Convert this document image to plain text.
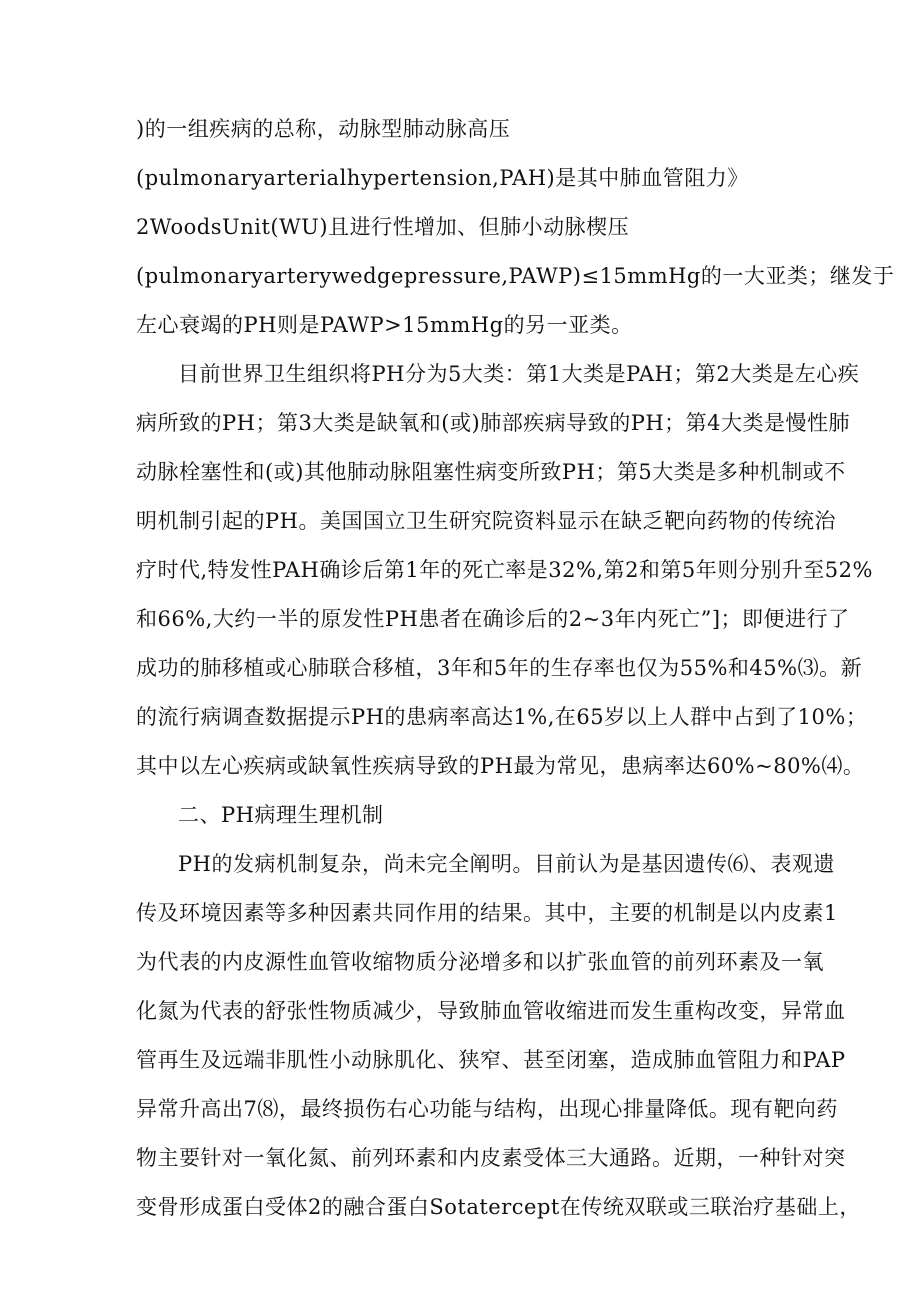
)的一组疾病的总称，动脉型肺动脉高压
(pulmonaryarterialhypertension,PAH)是其中肺血管阻力》
2WoodsUnit(WU)且进行性增加、但肺小动脉楔压
(pulmonaryarterywedgepressure,PAWP)≤15mmHg的一大亚类；继发于
左心衰竭的PH则是PAWP>15mmHg的另一亚类。
目前世界卫生组织将PH分为5大类：第1大类是PAH；第2大类是左心疾
病所致的PH；第3大类是缺氧和(或)肺部疾病导致的PH；第4大类是慢性肺
动脉栓塞性和(或)其他肺动脉阻塞性病变所致PH；第5大类是多种机制或不
明机制引起的PH。美国国立卫生研究院资料显示在缺乏靶向药物的传统治
疗时代,特发性PAH确诊后第1年的死亡率是32%,第2和第5年则分别升至52%
和66%,大约一半的原发性PH患者在确诊后的2~3年内死亡”]；即便进行了
成功的肺移植或心肺联合移植，3年和5年的生存率也仅为55%和45%⑶。新
的流行病调查数据提示PH的患病率高达1%,在65岁以上人群中占到了10%；
其中以左心疾病或缺氧性疾病导致的PH最为常见，患病率达60%~80%⑷。
二、PH病理生理机制
PH的发病机制复杂，尚未完全阐明。目前认为是基因遗传⑹、表观遗
传及环境因素等多种因素共同作用的结果。其中，主要的机制是以内皮素1
为代表的内皮源性血管收缩物质分泌增多和以扩张血管的前列环素及一氧
化氮为代表的舒张性物质减少，导致肺血管收缩进而发生重构改变，异常血
管再生及远端非肌性小动脉肌化、狭窄、甚至闭塞，造成肺血管阻力和PAP
异常升高出7⑻，最终损伤右心功能与结构，出现心排量降低。现有靶向药
物主要针对一氧化氮、前列环素和内皮素受体三大通路。近期，一种针对突
变骨形成蛋白受体2的融合蛋白Sotatercept在传统双联或三联治疗基础上，
